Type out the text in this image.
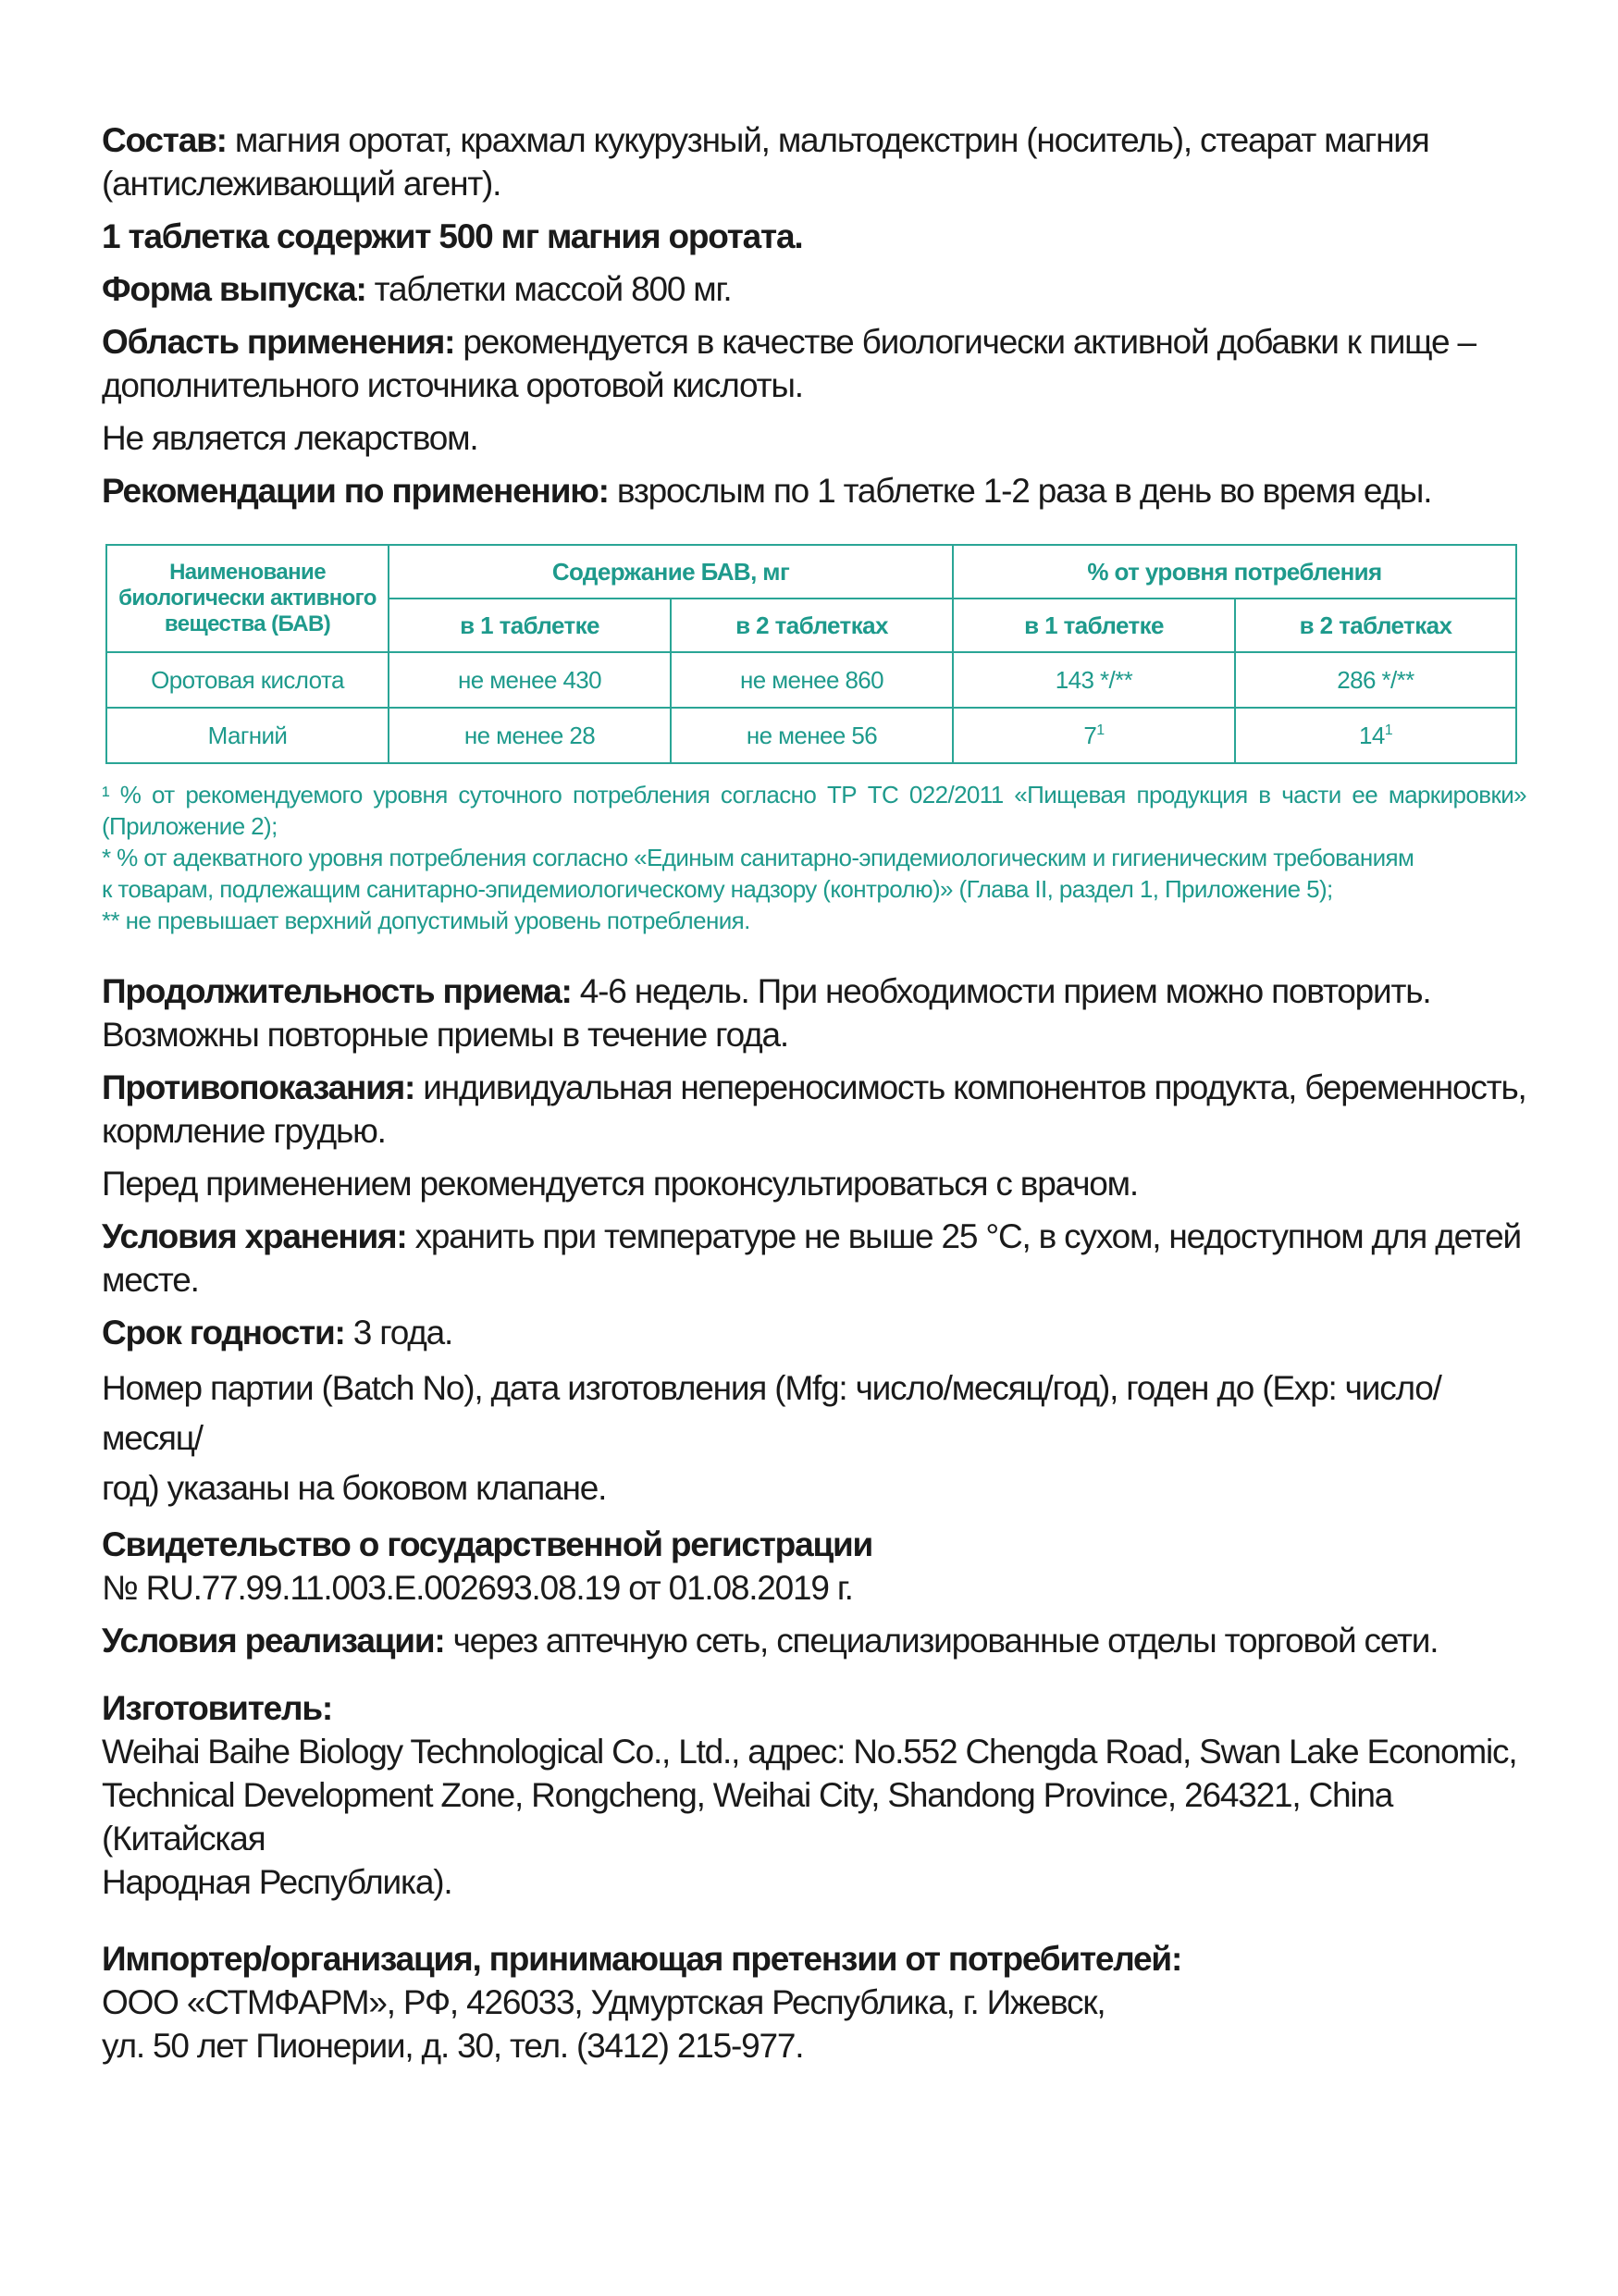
Состав: магния оротат, крахмал кукурузный, мальтодекстрин (носитель), стеарат магния
(антислеживающий агент).

1 таблетка содержит 500 мг магния оротата.

Форма выпуска: таблетки массой 800 мг.

Область применения: рекомендуется в качестве биологически активной добавки к пище –
дополнительного источника оротовой кислоты.

Не является лекарством.

Рекомендации по применению: взрослым по 1 таблетке 1-2 раза в день во время еды.

Наименование биологически активного вещества (БАВ)	Содержание БАВ, мг		% от уровня потребления	
	в 1 таблетке	в 2 таблетках	в 1 таблетке	в 2 таблетках
Оротовая кислота	не менее 430	не менее 860	143 */**	286 */**
Магний	не менее 28	не менее 56	$7^1$	$14^1$
¹ % от рекомендуемого уровня суточного потребления согласно ТР ТС 022/2011 «Пищевая продукция в части ее маркировки»
(Приложение 2);
* % от адекватного уровня потребления согласно «Единым санитарно-эпидемиологическим и гигиеническим требованиям
к товарам, подлежащим санитарно-эпидемиологическому надзору (контролю)» (Глава II, раздел 1, Приложение 5);
** не превышает верхний допустимый уровень потребления.

Продолжительность приема: 4-6 недель. При необходимости прием можно повторить.
Возможны повторные приемы в течение года.

Противопоказания: индивидуальная непереносимость компонентов продукта, беременность,
кормление грудью.

Перед применением рекомендуется проконсультироваться с врачом.

Условия хранения: хранить при температуре не выше 25 °С, в сухом, недоступном для детей
месте.

Срок годности: 3 года.

Номер партии (Batch No), дата изготовления (Mfg: число/месяц/год), годен до (Exp: число/месяц/
год) указаны на боковом клапане.

Свидетельство о государственной регистрации
№ RU.77.99.11.003.Е.002693.08.19 от 01.08.2019 г.

Условия реализации: через аптечную сеть, специализированные отделы торговой сети.

Изготовитель:
Weihai Baihe Biology Technological Co., Ltd., адрес: No.552 Chengda Road, Swan Lake Economic,
Technical Development Zone, Rongcheng, Weihai City, Shandong Province, 264321, China (Китайская
Народная Республика).

Импортер/организация, принимающая претензии от потребителей:
ООО «СТМФАРМ», РФ, 426033, Удмуртская Республика, г. Ижевск,
ул. 50 лет Пионерии, д. 30, тел. (3412) 215-977.
